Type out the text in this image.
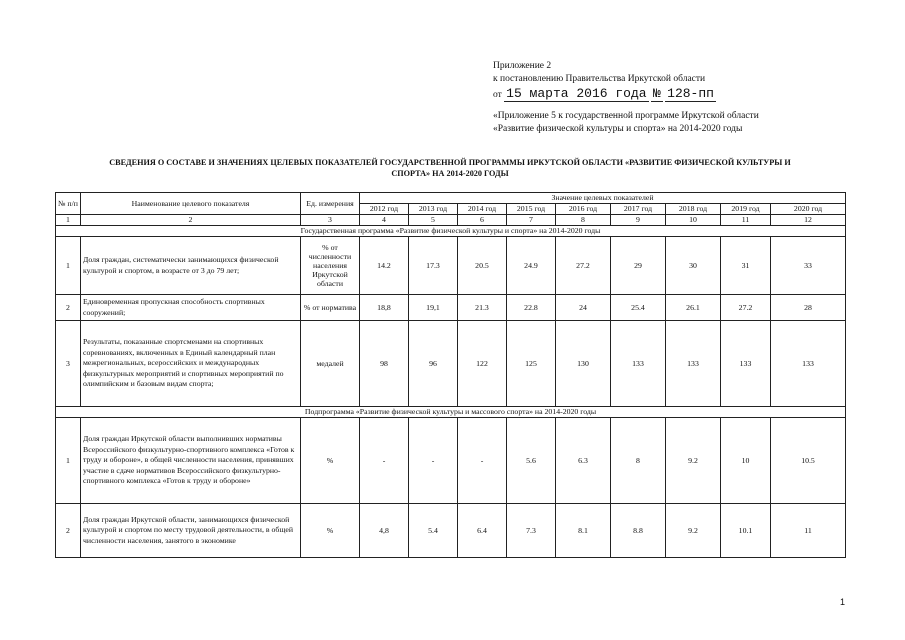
Приложение 2
к постановлению Правительства Иркутской области
от 15 марта 2016 года № 128-пп
«Приложение 5 к государственной программе Иркутской области
«Развитие физической культуры и спорта» на 2014-2020 годы
СВЕДЕНИЯ О СОСТАВЕ И ЗНАЧЕНИЯХ ЦЕЛЕВЫХ ПОКАЗАТЕЛЕЙ ГОСУДАРСТВЕННОЙ ПРОГРАММЫ ИРКУТСКОЙ ОБЛАСТИ «РАЗВИТИЕ ФИЗИЧЕСКОЙ КУЛЬТУРЫ И
СПОРТА» НА 2014-2020 ГОДЫ
№ п/п	Наименование целевого показателя	Ед. измерения	Значение целевых показателей								
			2012 год	2013 год	2014 год	2015 год	2016 год	2017 год	2018 год	2019 год	2020 год
1	2	3	4	5	6	7	8	9	10	11	12
Государственная программа «Развитие физической культуры и спорта» на 2014-2020 годы											
1	Доля граждан, систематически занимающихся физической культурой и спортом, в возрасте от 3 до 79 лет;	% от численности населения Иркутской области	14.2	17.3	20.5	24.9	27.2	29	30	31	33
2	Единовременная пропускная способность спортивных сооружений;	% от норматива	18,8	19,1	21.3	22.8	24	25.4	26.1	27.2	28
3	Результаты, показанные спортсменами на спортивных соревнованиях, включенных в Единый календарный план межрегиональных, всероссийских и международных физкультурных мероприятий и спортивных мероприятий по олимпийским и базовым видам спорта;	медалей	98	96	122	125	130	133	133	133	133
Подпрограмма «Развитие физической культуры и массового спорта» на 2014-2020 годы											
1	Доля граждан Иркутской области выполнивших нормативы Всероссийского физкультурно-спортивного комплекса «Готов к труду и обороне», в общей численности населения, принявших участие в сдаче нормативов Всероссийского физкультурно-спортивного комплекса «Готов к труду и обороне»	%	-	-	-	5.6	6.3	8	9.2	10	10.5
2	Доля граждан Иркутской области, занимающихся физической культурой и спортом по месту трудовой деятельности, в общей численности населения, занятого в экономике	%	4,8	5.4	6.4	7.3	8.1	8.8	9.2	10.1	11
1
